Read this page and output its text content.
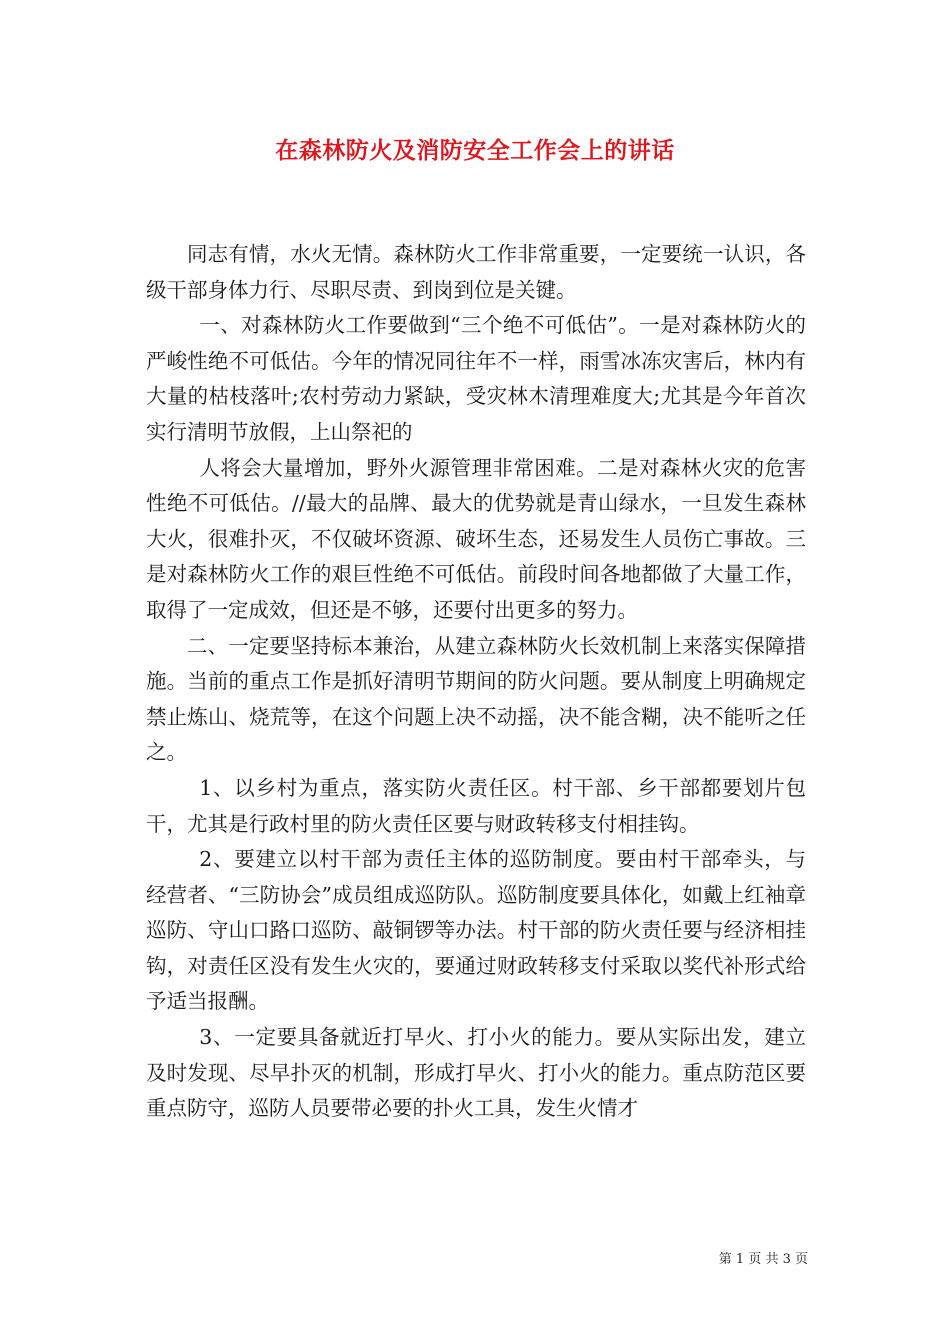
在森林防火及消防安全工作会上的讲话

同志有情，水火无情。森林防火工作非常重要，一定要统一认识，各级干部身体力行、尽职尽责、到岗到位是关键。

一、对森林防火工作要做到“三个绝不可低估”。一是对森林防火的严峻性绝不可低估。今年的情况同往年不一样，雨雪冰冻灾害后，林内有大量的枯枝落叶;农村劳动力紧缺，受灾林木清理难度大;尤其是今年首次实行清明节放假，上山祭祀的

人将会大量增加，野外火源管理非常困难。二是对森林火灾的危害性绝不可低估。//最大的品牌、最大的优势就是青山绿水，一旦发生森林大火，很难扑灭，不仅破坏资源、破坏生态，还易发生人员伤亡事故。三是对森林防火工作的艰巨性绝不可低估。前段时间各地都做了大量工作，取得了一定成效，但还是不够，还要付出更多的努力。

二、一定要坚持标本兼治，从建立森林防火长效机制上来落实保障措施。当前的重点工作是抓好清明节期间的防火问题。要从制度上明确规定禁止炼山、烧荒等，在这个问题上决不动摇，决不能含糊，决不能听之任之。

1、以乡村为重点，落实防火责任区。村干部、乡干部都要划片包干，尤其是行政村里的防火责任区要与财政转移支付相挂钩。

2、要建立以村干部为责任主体的巡防制度。要由村干部牵头，与经营者、“三防协会”成员组成巡防队。巡防制度要具体化，如戴上红袖章巡防、守山口路口巡防、敲铜锣等办法。村干部的防火责任要与经济相挂钩，对责任区没有发生火灾的，要通过财政转移支付采取以奖代补形式给予适当报酬。

3、一定要具备就近打早火、打小火的能力。要从实际出发，建立及时发现、尽早扑灭的机制，形成打早火、打小火的能力。重点防范区要重点防守，巡防人员要带必要的扑火工具，发生火情才

第 1 页 共 3 页
